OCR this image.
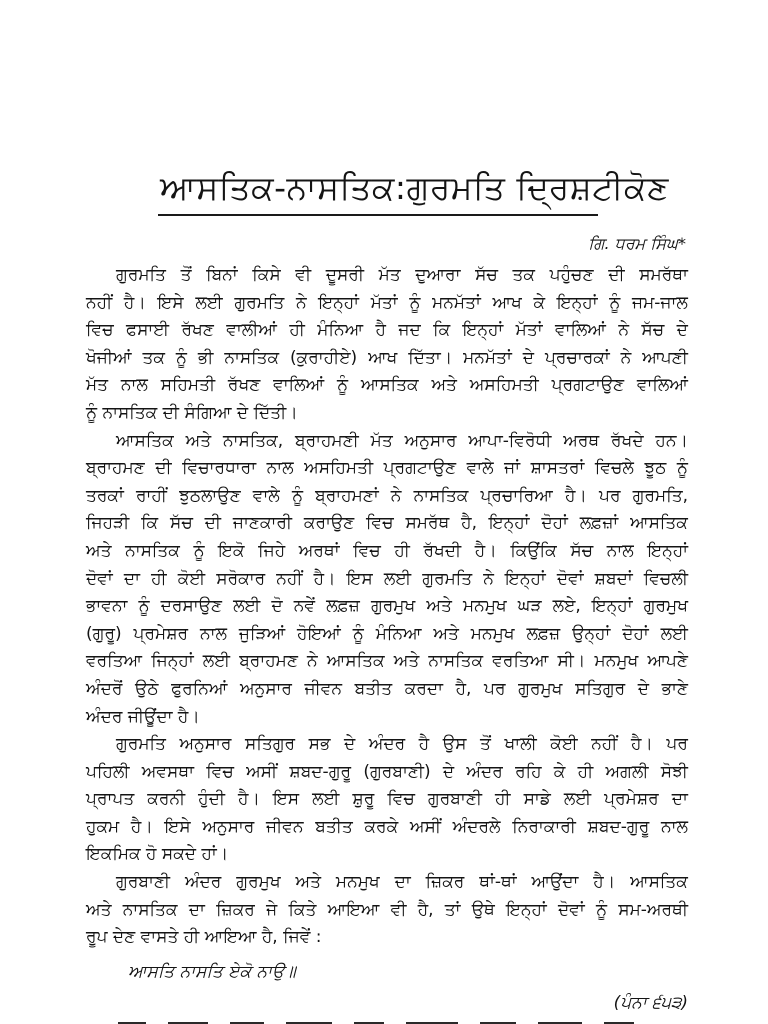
ਆਸਤਿਕ-ਨਾਸਤਿਕ:ਗੁਰਮਤਿ ਦ੍ਰਿਸ਼ਟੀਕੋਣ
ਗਿ. ਧਰਮ ਸਿੰਘ*
ਗੁਰਮਤਿ ਤੋਂ ਬਿਨਾਂ ਕਿਸੇ ਵੀ ਦੂਸਰੀ ਮੱਤ ਦੁਆਰਾ ਸੱਚ ਤਕ ਪਹੁੰਚਣ ਦੀ ਸਮਰੱਥਾ
ਨਹੀਂ ਹੈ। ਇਸੇ ਲਈ ਗੁਰਮਤਿ ਨੇ ਇਨ੍ਹਾਂ ਮੱਤਾਂ ਨੂੰ ਮਨਮੱਤਾਂ ਆਖ ਕੇ ਇਨ੍ਹਾਂ ਨੂੰ ਜਮ-ਜਾਲ
ਵਿਚ ਫਸਾਈ ਰੱਖਣ ਵਾਲੀਆਂ ਹੀ ਮੰਨਿਆ ਹੈ ਜਦ ਕਿ ਇਨ੍ਹਾਂ ਮੱਤਾਂ ਵਾਲਿਆਂ ਨੇ ਸੱਚ ਦੇ
ਖੋਜੀਆਂ ਤਕ ਨੂੰ ਭੀ ਨਾਸਤਿਕ (ਕੁਰਾਹੀਏ) ਆਖ ਦਿੱਤਾ। ਮਨਮੱਤਾਂ ਦੇ ਪ੍ਰਚਾਰਕਾਂ ਨੇ ਆਪਣੀ
ਮੱਤ ਨਾਲ ਸਹਿਮਤੀ ਰੱਖਣ ਵਾਲਿਆਂ ਨੂੰ ਆਸਤਿਕ ਅਤੇ ਅਸਹਿਮਤੀ ਪ੍ਰਗਟਾਉਣ ਵਾਲਿਆਂ
ਨੂੰ ਨਾਸਤਿਕ ਦੀ ਸੰਗਿਆ ਦੇ ਦਿੱਤੀ।
ਆਸਤਿਕ ਅਤੇ ਨਾਸਤਿਕ, ਬ੍ਰਾਹਮਣੀ ਮੱਤ ਅਨੁਸਾਰ ਆਪਾ-ਵਿਰੋਧੀ ਅਰਥ ਰੱਖਦੇ ਹਨ।
ਬ੍ਰਾਹਮਣ ਦੀ ਵਿਚਾਰਧਾਰਾ ਨਾਲ ਅਸਹਿਮਤੀ ਪ੍ਰਗਟਾਉਣ ਵਾਲੇ ਜਾਂ ਸ਼ਾਸਤਰਾਂ ਵਿਚਲੇ ਝੂਠ ਨੂੰ
ਤਰਕਾਂ ਰਾਹੀਂ ਝੁਠਲਾਉਣ ਵਾਲੇ ਨੂੰ ਬ੍ਰਾਹਮਣਾਂ ਨੇ ਨਾਸਤਿਕ ਪ੍ਰਚਾਰਿਆ ਹੈ। ਪਰ ਗੁਰਮਤਿ,
ਜਿਹੜੀ ਕਿ ਸੱਚ ਦੀ ਜਾਣਕਾਰੀ ਕਰਾਉਣ ਵਿਚ ਸਮਰੱਥ ਹੈ, ਇਨ੍ਹਾਂ ਦੋਹਾਂ ਲਫ਼ਜ਼ਾਂ ਆਸਤਿਕ
ਅਤੇ ਨਾਸਤਿਕ ਨੂੰ ਇਕੋ ਜਿਹੇ ਅਰਥਾਂ ਵਿਚ ਹੀ ਰੱਖਦੀ ਹੈ। ਕਿਉਂਕਿ ਸੱਚ ਨਾਲ ਇਨ੍ਹਾਂ
ਦੋਵਾਂ ਦਾ ਹੀ ਕੋਈ ਸਰੋਕਾਰ ਨਹੀਂ ਹੈ। ਇਸ ਲਈ ਗੁਰਮਤਿ ਨੇ ਇਨ੍ਹਾਂ ਦੋਵਾਂ ਸ਼ਬਦਾਂ ਵਿਚਲੀ
ਭਾਵਨਾ ਨੂੰ ਦਰਸਾਉਣ ਲਈ ਦੋ ਨਵੇਂ ਲਫ਼ਜ਼ ਗੁਰਮੁਖ ਅਤੇ ਮਨਮੁਖ ਘੜ ਲਏ, ਇਨ੍ਹਾਂ ਗੁਰਮੁਖ
(ਗੁਰੂ) ਪ੍ਰਮੇਸ਼ਰ ਨਾਲ ਜੁੜਿਆਂ ਹੋਇਆਂ ਨੂੰ ਮੰਨਿਆ ਅਤੇ ਮਨਮੁਖ ਲਫ਼ਜ਼ ਉਨ੍ਹਾਂ ਦੋਹਾਂ ਲਈ
ਵਰਤਿਆ ਜਿਨ੍ਹਾਂ ਲਈ ਬ੍ਰਾਹਮਣ ਨੇ ਆਸਤਿਕ ਅਤੇ ਨਾਸਤਿਕ ਵਰਤਿਆ ਸੀ। ਮਨਮੁਖ ਆਪਣੇ
ਅੰਦਰੋਂ ਉਠੇ ਫੁਰਨਿਆਂ ਅਨੁਸਾਰ ਜੀਵਨ ਬਤੀਤ ਕਰਦਾ ਹੈ, ਪਰ ਗੁਰਮੁਖ ਸਤਿਗੁਰ ਦੇ ਭਾਣੇ
ਅੰਦਰ ਜੀਊਂਦਾ ਹੈ।
ਗੁਰਮਤਿ ਅਨੁਸਾਰ ਸਤਿਗੁਰ ਸਭ ਦੇ ਅੰਦਰ ਹੈ ਉਸ ਤੋਂ ਖਾਲੀ ਕੋਈ ਨਹੀਂ ਹੈ। ਪਰ
ਪਹਿਲੀ ਅਵਸਥਾ ਵਿਚ ਅਸੀਂ ਸ਼ਬਦ-ਗੁਰੂ (ਗੁਰਬਾਣੀ) ਦੇ ਅੰਦਰ ਰਹਿ ਕੇ ਹੀ ਅਗਲੀ ਸੋਝੀ
ਪ੍ਰਾਪਤ ਕਰਨੀ ਹੁੰਦੀ ਹੈ। ਇਸ ਲਈ ਸ਼ੁਰੂ ਵਿਚ ਗੁਰਬਾਣੀ ਹੀ ਸਾਡੇ ਲਈ ਪ੍ਰਮੇਸ਼ਰ ਦਾ
ਹੁਕਮ ਹੈ। ਇਸੇ ਅਨੁਸਾਰ ਜੀਵਨ ਬਤੀਤ ਕਰਕੇ ਅਸੀਂ ਅੰਦਰਲੇ ਨਿਰਾਕਾਰੀ ਸ਼ਬਦ-ਗੁਰੂ ਨਾਲ
ਇਕਮਿਕ ਹੋ ਸਕਦੇ ਹਾਂ।
ਗੁਰਬਾਣੀ ਅੰਦਰ ਗੁਰਮੁਖ ਅਤੇ ਮਨਮੁਖ ਦਾ ਜ਼ਿਕਰ ਥਾਂ-ਥਾਂ ਆਉਂਦਾ ਹੈ। ਆਸਤਿਕ
ਅਤੇ ਨਾਸਤਿਕ ਦਾ ਜ਼ਿਕਰ ਜੇ ਕਿਤੇ ਆਇਆ ਵੀ ਹੈ, ਤਾਂ ਉਥੇ ਇਨ੍ਹਾਂ ਦੋਵਾਂ ਨੂੰ ਸਮ-ਅਰਥੀ
ਰੂਪ ਦੇਣ ਵਾਸਤੇ ਹੀ ਆਇਆ ਹੈ, ਜਿਵੇਂ :
ਆਸਤਿ ਨਾਸਤਿ ਏਕੋ ਨਾਉ॥
(ਪੰਨਾ ੬੫੩)
